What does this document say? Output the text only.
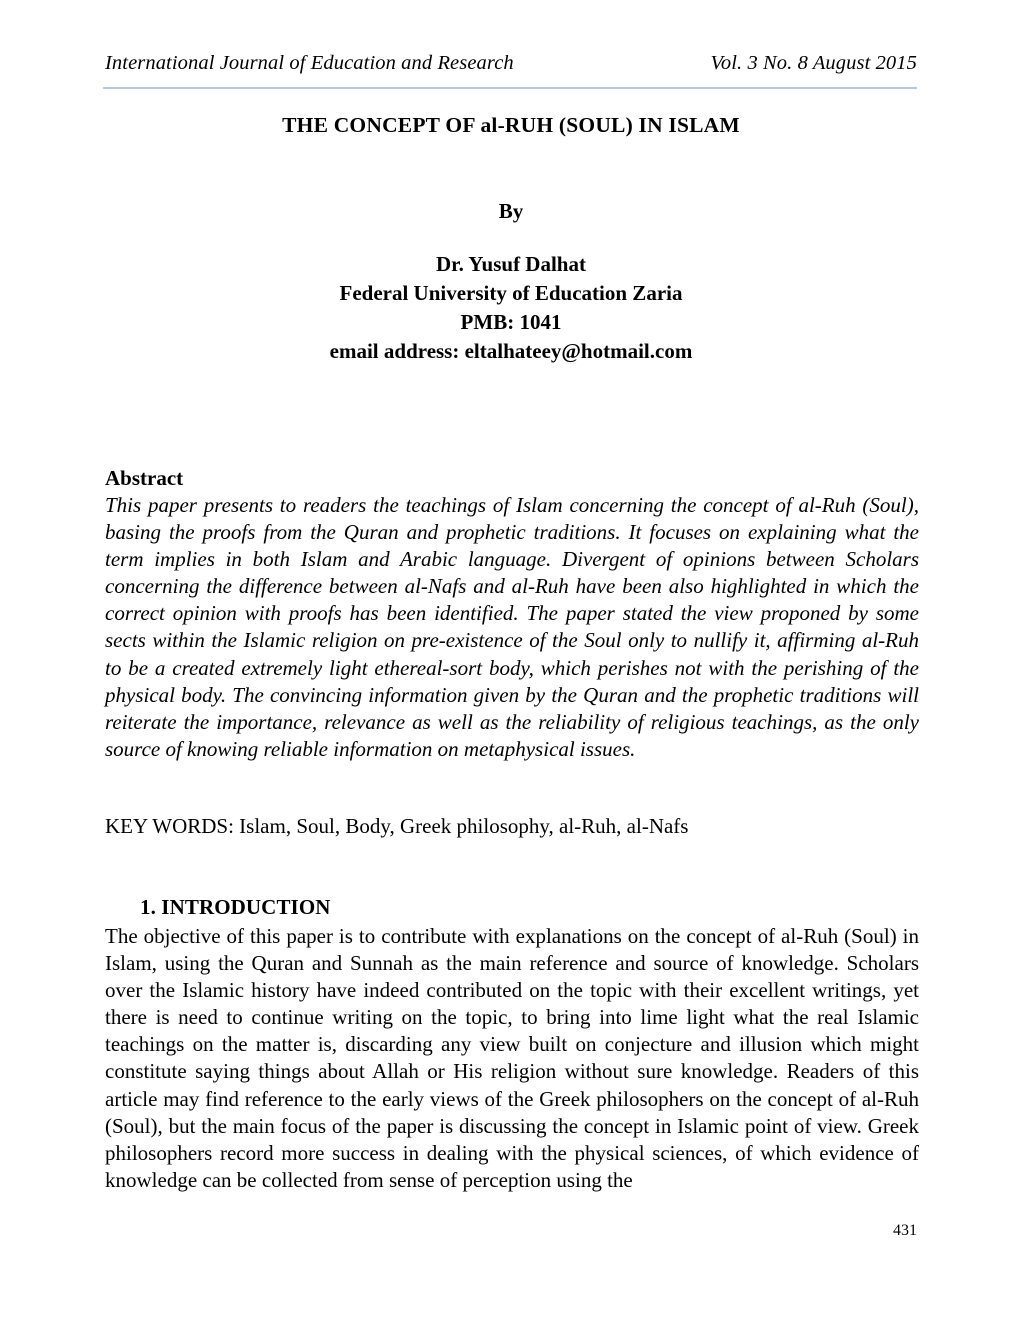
International Journal of Education and Research	Vol. 3 No. 8 August 2015
THE CONCEPT OF al-RUH (SOUL) IN ISLAM
By
Dr. Yusuf Dalhat
Federal University of Education Zaria
PMB: 1041
email address: eltalhateey@hotmail.com
Abstract
This paper presents to readers the teachings of Islam concerning the concept of al-Ruh (Soul), basing the proofs from the Quran and prophetic traditions. It focuses on explaining what the term implies in both Islam and Arabic language. Divergent of opinions between Scholars concerning the difference between al-Nafs and al-Ruh have been also highlighted in which the correct opinion with proofs has been identified. The paper stated the view proponed by some sects within the Islamic religion on pre-existence of the Soul only to nullify it, affirming al-Ruh to be a created extremely light ethereal-sort body, which perishes not with the perishing of the physical body. The convincing information given by the Quran and the prophetic traditions will reiterate the importance, relevance as well as the reliability of religious teachings, as the only source of knowing reliable information on metaphysical issues.
KEY WORDS: Islam, Soul, Body, Greek philosophy, al-Ruh, al-Nafs
1. INTRODUCTION
The objective of this paper is to contribute with explanations on the concept of al-Ruh (Soul) in Islam, using the Quran and Sunnah as the main reference and source of knowledge. Scholars over the Islamic history have indeed contributed on the topic with their excellent writings, yet there is need to continue writing on the topic, to bring into lime light what the real Islamic teachings on the matter is, discarding any view built on conjecture and illusion which might constitute saying things about Allah or His religion without sure knowledge. Readers of this article may find reference to the early views of the Greek philosophers on the concept of al-Ruh (Soul), but the main focus of the paper is discussing the concept in Islamic point of view. Greek philosophers record more success in dealing with the physical sciences, of which evidence of knowledge can be collected from sense of perception using the
431
